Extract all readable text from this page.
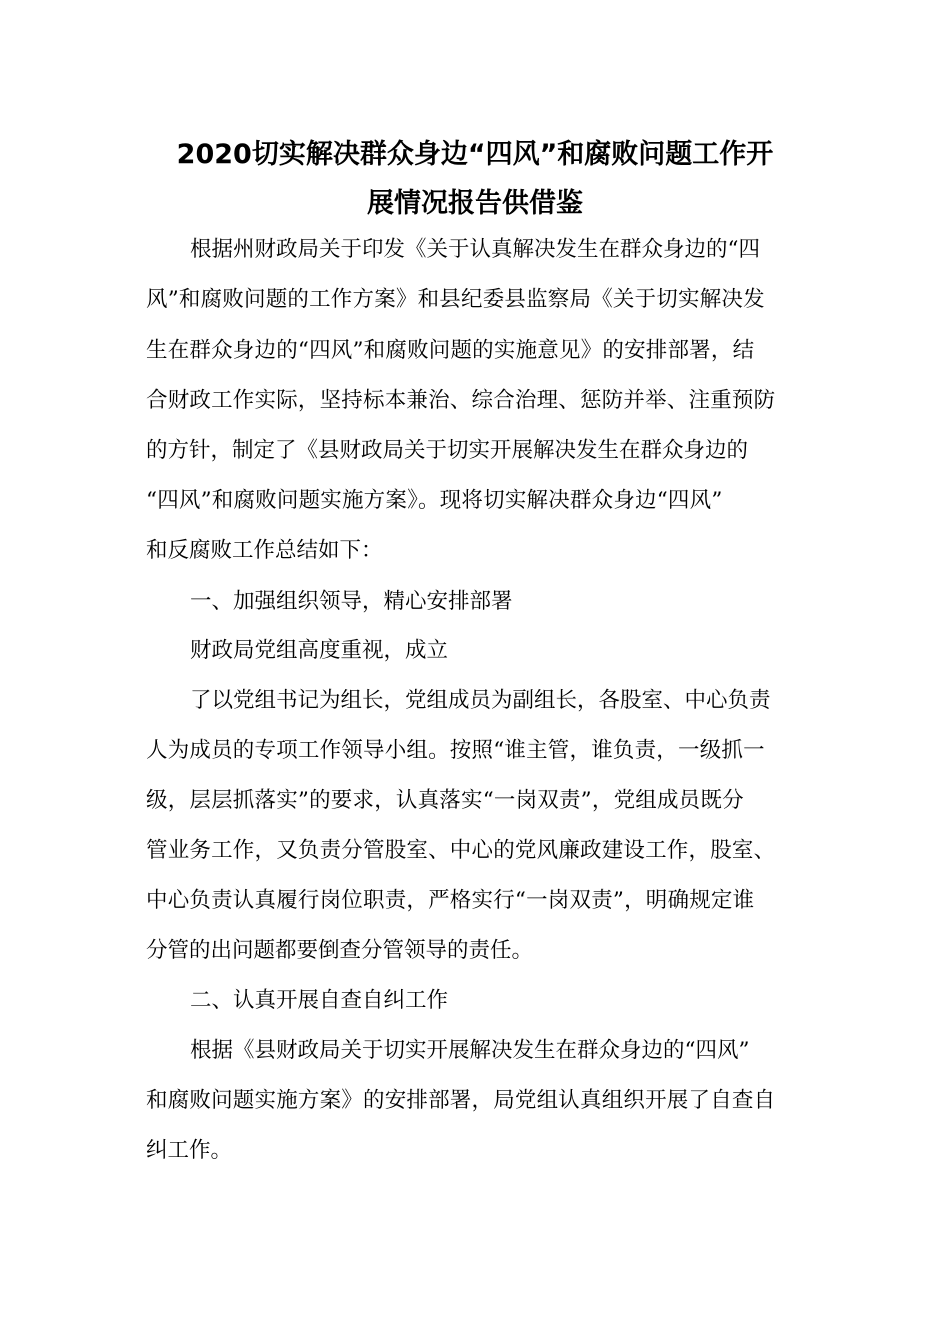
2020切实解决群众身边“四风”和腐败问题工作开
展情况报告供借鉴
根据州财政局关于印发《关于认真解决发生在群众身边的“四
风”和腐败问题的工作方案》和县纪委县监察局《关于切实解决发
生在群众身边的“四风”和腐败问题的实施意见》的安排部署，结
合财政工作实际，坚持标本兼治、综合治理、惩防并举、注重预防
的方针，制定了《县财政局关于切实开展解决发生在群众身边的
“四风”和腐败问题实施方案》。现将切实解决群众身边“四风”
和反腐败工作总结如下：
一、加强组织领导，精心安排部署
财政局党组高度重视，成立
了以党组书记为组长，党组成员为副组长，各股室、中心负责
人为成员的专项工作领导小组。按照“谁主管，谁负责，一级抓一
级，层层抓落实”的要求，认真落实“一岗双责”，党组成员既分
管业务工作，又负责分管股室、中心的党风廉政建设工作，股室、
中心负责认真履行岗位职责，严格实行“一岗双责”，明确规定谁
分管的出问题都要倒查分管领导的责任。
二、认真开展自查自纠工作
根据《县财政局关于切实开展解决发生在群众身边的“四风”
和腐败问题实施方案》的安排部署，局党组认真组织开展了自查自
纠工作。
